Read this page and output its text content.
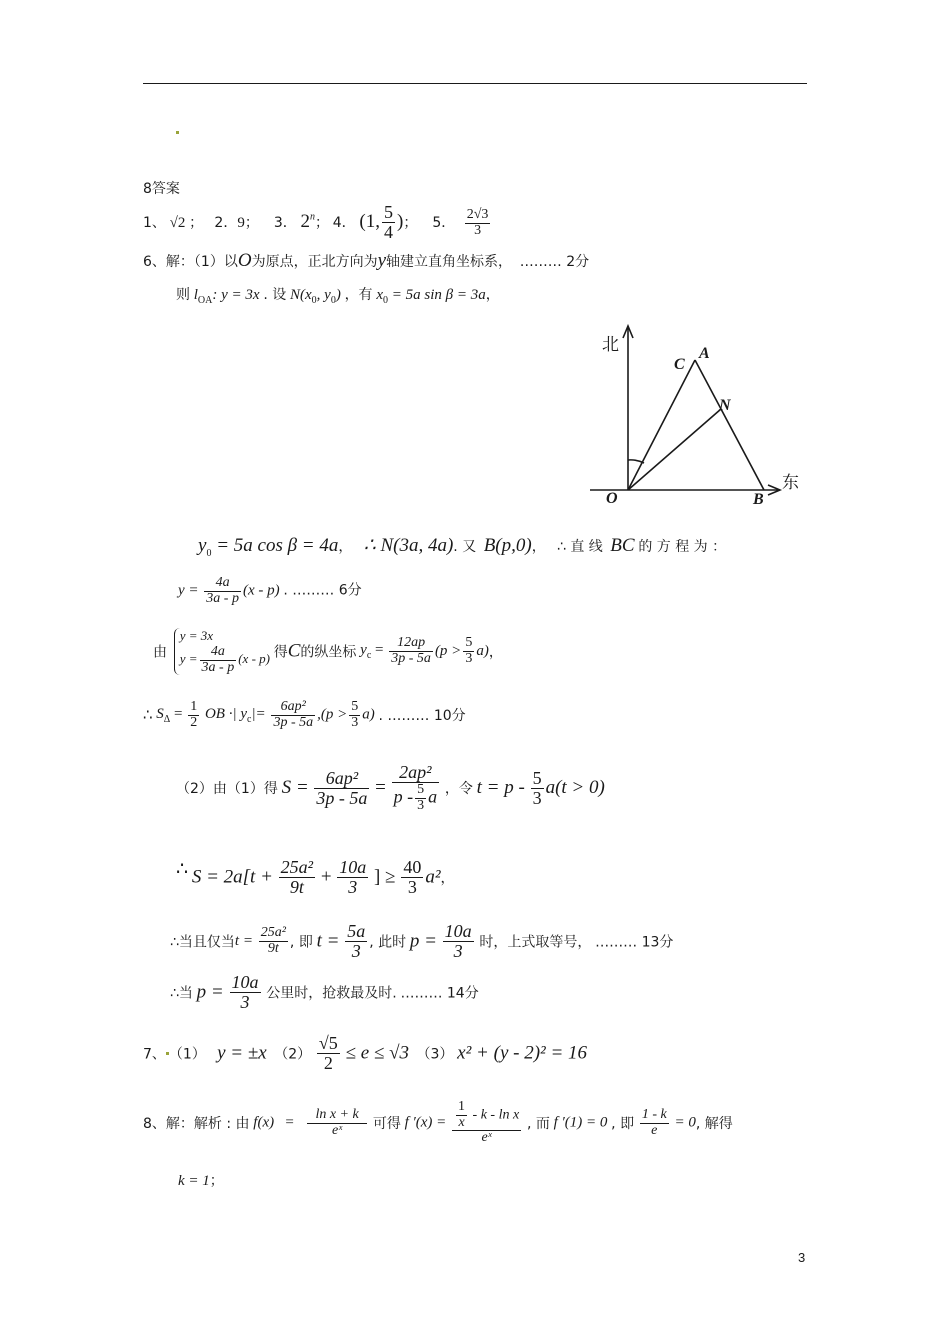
8答案
1、 √2 ； 2．9； 3． 2$^n$； 4． (1, $\frac{5}{4}$ )； 5． $\frac{2√3}{3}$
6、解：（1）以O为原点，正北方向为y轴建立直角坐标系， ……… 2分
则 $l_{OA}$: y = 3x . 设 $N(x_0$, $y_0$) ，有 $x_0 = 5a$ sin β = 3a，
北
东
O
A
C
N
B
$y_0 = 5a$ cos β = 4a， ∴ N(3a, 4a). 又 B(p,0)， ∴ 直 线 BC 的 方 程 为 ：
$y = \frac{4a}{3a - p} (x - p)$ . ……… 6分
由
y = 3x
$y = \frac{4a}{3a - p} (x - p)$ 得C的纵坐标 $y_c = \frac{12ap}{3p - 5a} (p > \frac{5}{3} a)$，
∴ $S_\Delta = \frac{1}{2}$ OB ·| $y_c|= \frac{\text{6ap²}}{3p - 5a} ,(p > \frac{5}{3} a)$ . ……… 10分
（2）由（1）得 $S = \frac{\text{6ap²}}{3p - 5a} = \frac{\text{2ap²}}{p - \frac{5}{3} a}$ ，令 $t = p - \frac{5}{3} a(t > 0)$
∴ $S = 2a[t + \frac{\text{25a²}}{9t} + \frac{10a}{3}$ ] ≥ $\frac{40}{3} a^2$，
∴当且仅当$t = \frac{\text{25a²}}{9t}$ , 即 $t = \frac{5a}{3}$ , 此时 $p = \frac{10a}{3}$ 时，上式取等号， ……… 13分
∴当 $p = \frac{10a}{3}$ 公里时，抢救最及时. ……… 14分
7、 （1） y = ±x $(2) \frac{√5}{2} \le e \le √3$ （3） x² + (y - 2)² = 16
8、解：解析 : 由 $f(x) = \frac{\text{ln x + k}}{\text{eˣ}}$ 可得 f $'(x) = \frac{\frac{1}{x} - k - \ln x}{\text{eˣ}}$ , 而 f ′(1) = 0 , 即 $\frac{1 - k}{e} = 0$, 解得
k = 1；
3
